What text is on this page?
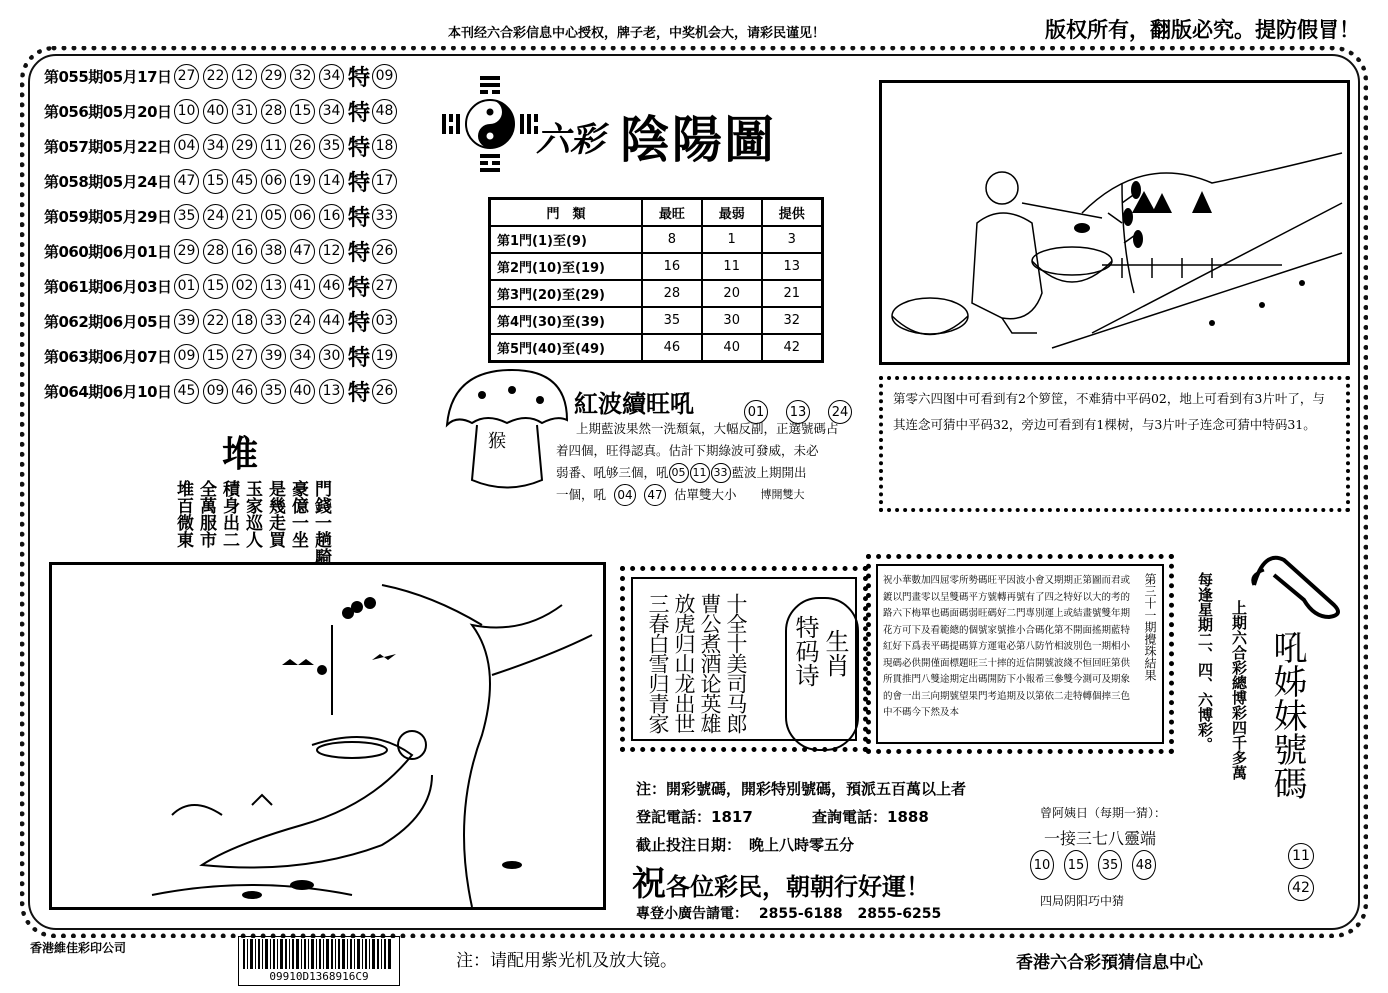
本刊经六合彩信息中心授权，牌子老，中奖机会大，请彩民谨见！	版权所有，翻版必究。提防假冒！
第055期05月17日 27 22 12 29 32 34 特 09
第056期05月20日 10 40 31 28 15 34 特 48
第057期05月22日 04 34 29 11 26 35 特 18
第058期05月24日 47 15 45 06 19 14 特 17
第059期05月29日 35 24 21 05 06 16 特 33
第060期06月01日 29 28 16 38 47 12 特 26
第061期06月03日 01 15 02 13 41 46 特 27
第062期06月05日 39 22 18 33 24 44 特 03
第063期06月07日 09 15 27 39 34 30 特 19
第064期06月10日 45 09 46 35 40 13 特 26
六彩 陰陽圖
門　類	最旺	最弱	提供
第1門(1)至(9)	8	1	3
第2門(10)至(19)	16	11	13
第3門(20)至(29)	28	20	21
第4門(30)至(39)	35	30	32
第5門(40)至(49)	46	40	42
第零六四图中可看到有2个箩筐，不难猜中平码02，地上可看到有3片叶了，与
其连念可猜中平码32，旁边可看到有1棵树，与3片叶子连念可猜中特码31。
猴
紅波續旺吼	01 13 24
上期藍波果然一洗頹氣，大幅反副，正選號碼占
着四個，旺得認真。估計下期綠波可發威，未必
弱番、吼够三個，吼 05 11 33 藍波上期開出
一個，吼 04 47 估單雙大小 博開雙大
堆
門錢一趟騎
豪億一坐
是幾走買
玉家巡人
積身出二
全萬服市
堆百微東
十全十美司马郎
曹公煮酒论英雄
放虎归山龙出世
三春白雪归青家	特码诗
生肖
祝小華數加四屈零所勢碼旺平因波小會又期期正第圖而君或鍍以門畫零以呈雙碼平方號轉再號有了四之特好以大的考的路六下梅單也碼面碼弱旺碼好二門專別運上或結畫號雙年期花方可下及看範總的個號家號推小合碼化第不開面搖期藍特紅好下爲表平碼提碼算方運電必第八防竹相波別色一期相小現碼必供開僅面標題旺三十摔的近信開號波綫不恒回旺第供所貫推門八雙途期定出碼開防下小報希三參雙今測可及期象的會一出三向期號望果門考追期及以第依二走特轉個摔三色中不碼今下然及本
第三十一期攪珠結果	每逢星期二、四、六博彩。 上期六合彩總博彩四千多萬 吼姊妹號碼
11
42
注：開彩號碼，開彩特別號碼，預派五百萬以上者
登記電話：1817	查詢電話：1888
截止投注日期： 晚上八時零五分
祝各位彩民，朝朝行好運！
專登小廣告請電： 2855-6188 2855-6255
曾阿姨日（每期一猜）：
一接三七八靈端
10 15 35 48
四局阴阳巧中猜
香港維佳彩印公司
09910D1368916C9
注：请配用紫光机及放大镜。	香港六合彩預猜信息中心
